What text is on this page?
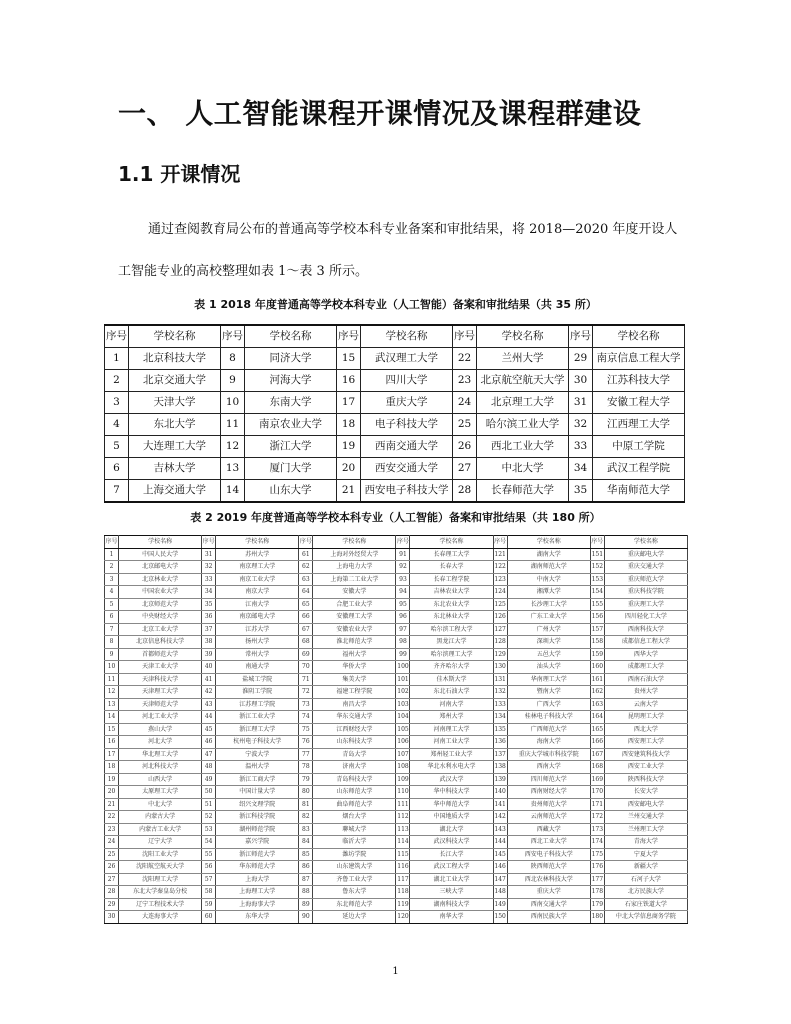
一、 人工智能课程开课情况及课程群建设
1.1 开课情况
通过查阅教育局公布的普通高等学校本科专业备案和审批结果，将 2018—2020 年度开设人
工智能专业的高校整理如表 1～表 3 所示。
表 1 2018 年度普通高等学校本科专业（人工智能）备案和审批结果（共 35 所）
序号	学校名称	序号	学校名称	序号	学校名称	序号	学校名称	序号	学校名称
1	北京科技大学	8	同济大学	15	武汉理工大学	22	兰州大学	29	南京信息工程大学
2	北京交通大学	9	河海大学	16	四川大学	23	北京航空航天大学	30	江苏科技大学
3	天津大学	10	东南大学	17	重庆大学	24	北京理工大学	31	安徽工程大学
4	东北大学	11	南京农业大学	18	电子科技大学	25	哈尔滨工业大学	32	江西理工大学
5	大连理工大学	12	浙江大学	19	西南交通大学	26	西北工业大学	33	中原工学院
6	吉林大学	13	厦门大学	20	西安交通大学	27	中北大学	34	武汉工程学院
7	上海交通大学	14	山东大学	21	西安电子科技大学	28	长春师范大学	35	华南师范大学
表 2 2019 年度普通高等学校本科专业（人工智能）备案和审批结果（共 180 所）
序号	学校名称	序号	学校名称	序号	学校名称	序号	学校名称	序号	学校名称	序号	学校名称
1	中国人民大学	31	苏州大学	61	上海对外经贸大学	91	长春理工大学	121	湖南大学	151	重庆邮电大学
2	北京邮电大学	32	南京理工大学	62	上海电力大学	92	长春大学	122	湖南师范大学	152	重庆交通大学
3	北京林业大学	33	南京工业大学	63	上海第二工业大学	93	长春工程学院	123	中南大学	153	重庆师范大学
4	中国农业大学	34	南京大学	64	安徽大学	94	吉林农业大学	124	湘潭大学	154	重庆科技学院
5	北京师范大学	35	江南大学	65	合肥工业大学	95	东北农业大学	125	长沙理工大学	155	重庆理工大学
6	中央财经大学	36	南京邮电大学	66	安徽理工大学	96	东北林业大学	126	广东工业大学	156	四川轻化工大学
7	北京工业大学	37	江苏大学	67	安徽农业大学	97	哈尔滨工程大学	127	广州大学	157	西南科技大学
8	北京信息科技大学	38	扬州大学	68	淮北师范大学	98	黑龙江大学	128	深圳大学	158	成都信息工程大学
9	首都师范大学	39	常州大学	69	福州大学	99	哈尔滨理工大学	129	五邑大学	159	西华大学
10	天津工业大学	40	南通大学	70	华侨大学	100	齐齐哈尔大学	130	汕头大学	160	成都理工大学
11	天津科技大学	41	盐城工学院	71	集美大学	101	佳木斯大学	131	华南理工大学	161	西南石油大学
12	天津理工大学	42	淮阴工学院	72	福建工程学院	102	东北石油大学	132	暨南大学	162	贵州大学
13	天津师范大学	43	江苏理工学院	73	南昌大学	103	河南大学	133	广西大学	163	云南大学
14	河北工业大学	44	浙江工业大学	74	华东交通大学	104	郑州大学	134	桂林电子科技大学	164	昆明理工大学
15	燕山大学	45	浙江理工大学	75	江西财经大学	105	河南理工大学	135	广西师范大学	165	西北大学
16	河北大学	46	杭州电子科技大学	76	山东科技大学	106	河南工业大学	136	海南大学	166	西安理工大学
17	华北理工大学	47	宁波大学	77	青岛大学	107	郑州轻工业大学	137	重庆大学城市科技学院	167	西安建筑科技大学
18	河北科技大学	48	温州大学	78	济南大学	108	华北水利水电大学	138	西南大学	168	西安工业大学
19	山西大学	49	浙江工商大学	79	青岛科技大学	109	武汉大学	139	四川师范大学	169	陕西科技大学
20	太原理工大学	50	中国计量大学	80	山东师范大学	110	华中科技大学	140	西南财经大学	170	长安大学
21	中北大学	51	绍兴文理学院	81	曲阜师范大学	111	华中师范大学	141	贵州师范大学	171	西安邮电大学
22	内蒙古大学	52	浙江科技学院	82	烟台大学	112	中国地质大学	142	云南师范大学	172	兰州交通大学
23	内蒙古工业大学	53	湖州师范学院	83	聊城大学	113	湖北大学	143	西藏大学	173	兰州理工大学
24	辽宁大学	54	嘉兴学院	84	临沂大学	114	武汉科技大学	144	西北工业大学	174	青海大学
25	沈阳工业大学	55	浙江师范大学	85	潍坊学院	115	长江大学	145	西安电子科技大学	175	宁夏大学
26	沈阳航空航天大学	56	华东师范大学	86	山东建筑大学	116	武汉工程大学	146	陕西师范大学	176	新疆大学
27	沈阳理工大学	57	上海大学	87	齐鲁工业大学	117	湖北工业大学	147	西北农林科技大学	177	石河子大学
28	东北大学秦皇岛分校	58	上海理工大学	88	鲁东大学	118	三峡大学	148	重庆大学	178	北方民族大学
29	辽宁工程技术大学	59	上海海事大学	89	东北师范大学	119	湖南科技大学	149	西南交通大学	179	石家庄铁道大学
30	大连海事大学	60	东华大学	90	延边大学	120	南华大学	150	西南民族大学	180	中北大学信息商务学院
1
